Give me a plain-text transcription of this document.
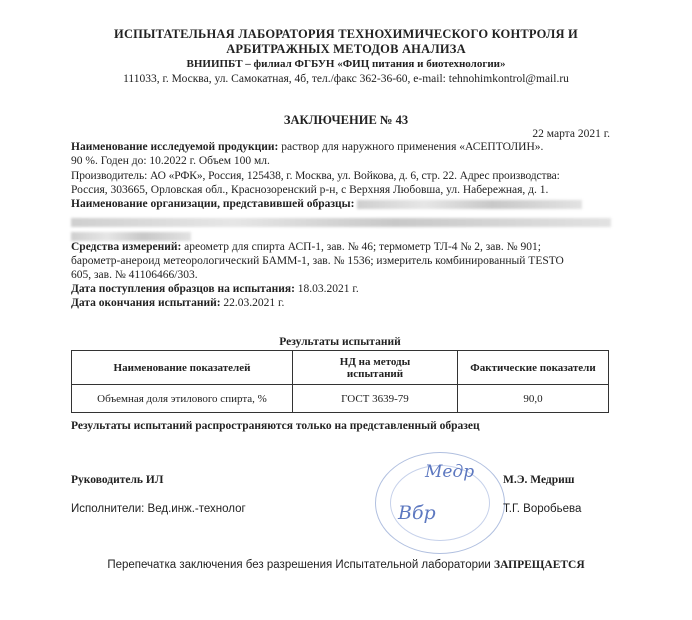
ИСПЫТАТЕЛЬНАЯ ЛАБОРАТОРИЯ ТЕХНОХИМИЧЕСКОГО КОНТРОЛЯ И
АРБИТРАЖНЫХ МЕТОДОВ АНАЛИЗА
ВНИИПБТ – филиал ФГБУН «ФИЦ питания и биотехнологии»
111033, г. Москва, ул. Самокатная, 4б, тел./факс 362-36-60, e-mail: tehnohimkontrol@mail.ru
ЗАКЛЮЧЕНИЕ № 43
22 марта 2021 г.
Наименование исследуемой продукции: раствор для наружного применения «АСЕПТОЛИН».
90 %. Годен до: 10.2022 г. Объем 100 мл.
Производитель: АО «РФК», Россия, 125438, г. Москва, ул. Войкова, д. 6, стр. 22. Адрес производства:
Россия, 303665, Орловская обл., Краснозоренский р-н, с Верхняя Любовша, ул. Набережная, д. 1.
Наименование организации, представившей образцы:
Средства измерений: ареометр для спирта АСП-1, зав. № 46; термометр ТЛ-4 № 2, зав. № 901;
барометр-анероид метеорологический БАММ-1, зав. № 1536; измеритель комбинированный TESTO
605, зав. № 41106466/303.
Дата поступления образцов на испытания: 18.03.2021 г.
Дата окончания испытаний: 22.03.2021 г.
Результаты испытаний
Наименование показателей	НД на методы испытаний	Фактические показатели
Объемная доля этилового спирта, %	ГОСТ 3639-79	90,0
Результаты испытаний распространяются только на представленный образец
Медр
Вбр
Руководитель ИЛ	М.Э. Медриш
Исполнители: Вед.инж.-технолог	Т.Г. Воробьева
Перепечатка заключения без разрешения Испытательной лаборатории ЗАПРЕЩАЕТСЯ
